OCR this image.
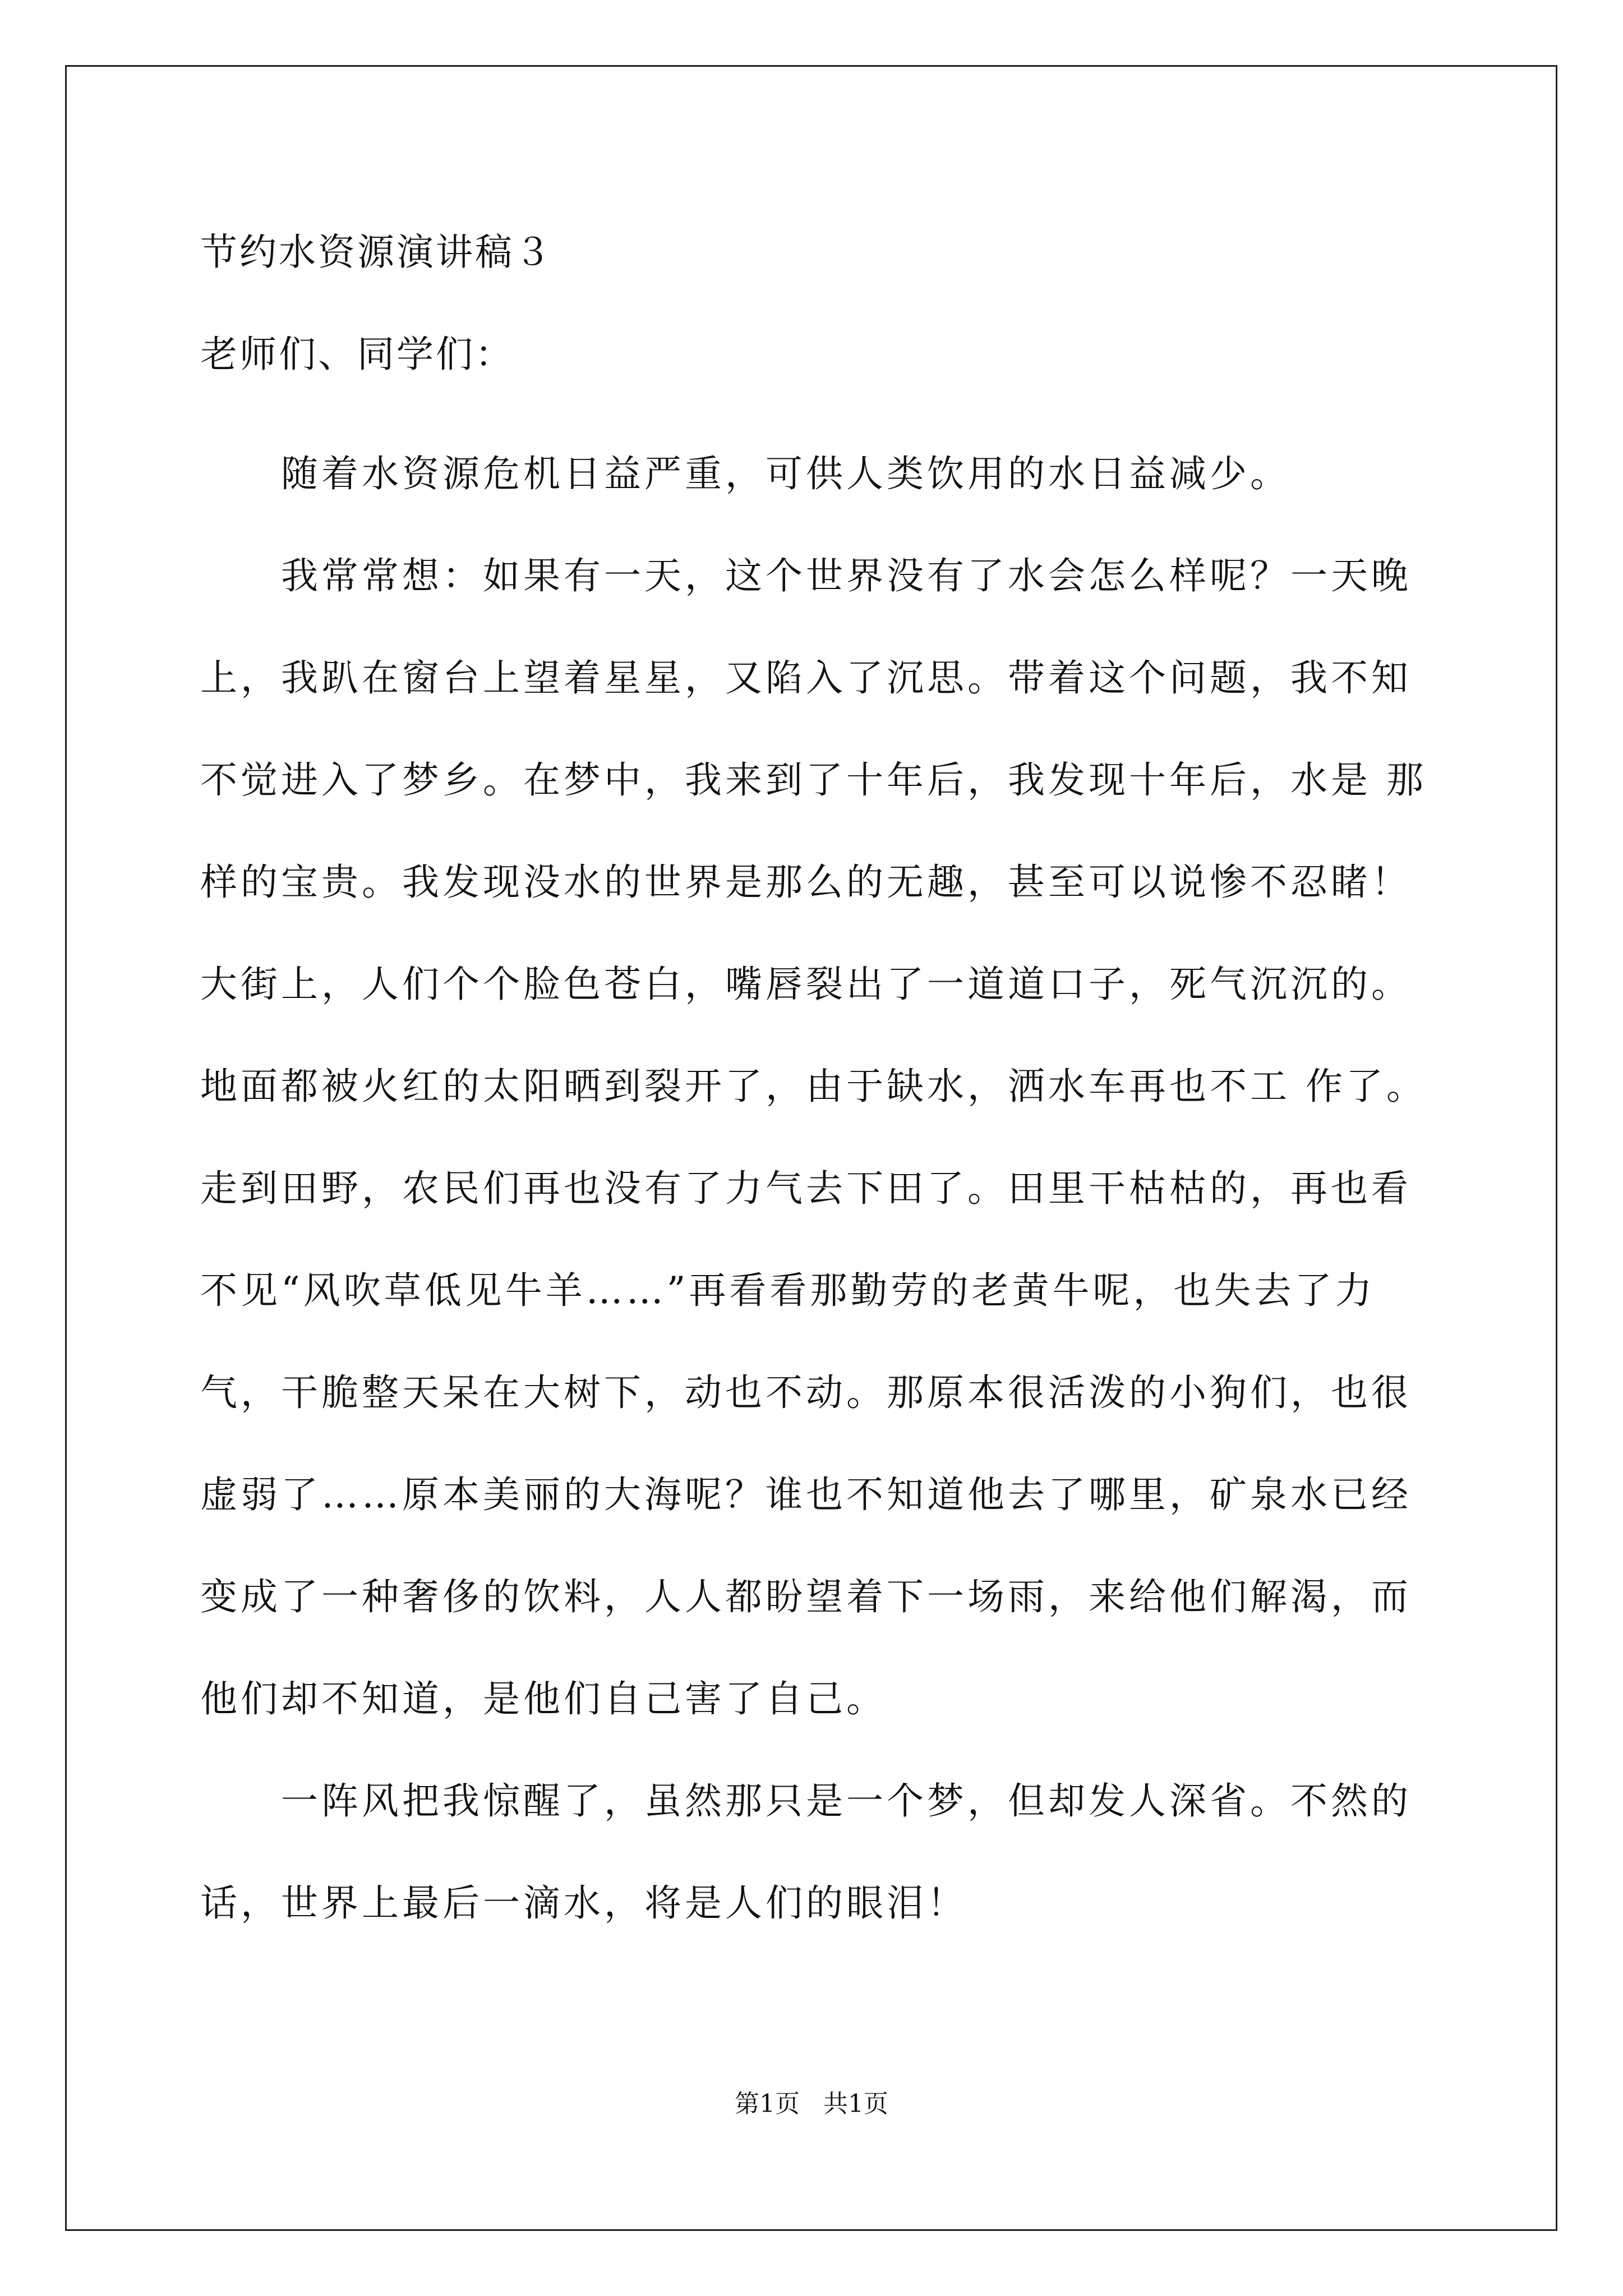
节约水资源演讲稿３
老师们、同学们：
　　随着水资源危机日益严重，可供人类饮用的水日益减少。
　　我常常想：如果有一天，这个世界没有了水会怎么样呢？一天晚
上，我趴在窗台上望着星星，又陷入了沉思。带着这个问题，我不知
不觉进入了梦乡。在梦中，我来到了十年后，我发现十年后，水是 那
样的宝贵。我发现没水的世界是那么的无趣，甚至可以说惨不忍睹！
大街上，人们个个脸色苍白，嘴唇裂出了一道道口子，死气沉沉的。
地面都被火红的太阳晒到裂开了，由于缺水，洒水车再也不工 作了。
走到田野，农民们再也没有了力气去下田了。田里干枯枯的，再也看
不见“风吹草低见牛羊……”再看看那勤劳的老黄牛呢，也失去了力
气，干脆整天呆在大树下，动也不动。那原本很活泼的小狗们，也很
虚弱了……原本美丽的大海呢？谁也不知道他去了哪里，矿泉水已经
变成了一种奢侈的饮料，人人都盼望着下一场雨，来给他们解渴，而
他们却不知道，是他们自己害了自己。
　　一阵风把我惊醒了，虽然那只是一个梦，但却发人深省。不然的
话，世界上最后一滴水，将是人们的眼泪！
第1页   共1页
